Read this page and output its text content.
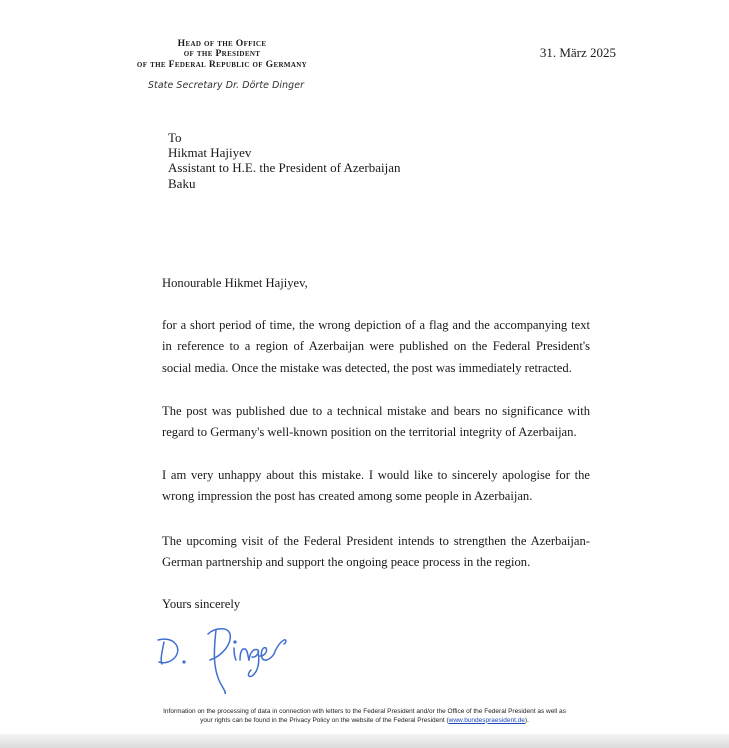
Head of the Office
of the President
of the Federal Republic of Germany
State Secretary Dr. Dörte Dinger
31. März 2025
To
Hikmat Hajiyev
Assistant to H.E. the President of Azerbaijan
Baku
Honourable Hikmet Hajiyev,
for a short period of time, the wrong depiction of a flag and the accompanying text in reference to a region of Azerbaijan were published on the Federal President's social media. Once the mistake was detected, the post was immediately retracted.
The post was published due to a technical mistake and bears no significance with regard to Germany's well-known position on the territorial integrity of Azerbaijan.
I am very unhappy about this mistake. I would like to sincerely apologise for the wrong impression the post has created among some people in Azerbaijan.
The upcoming visit of the Federal President intends to strengthen the Azerbaijan-German partnership and support the ongoing peace process in the region.
Yours sincerely
Information on the processing of data in connection with letters to the Federal President and/or the Office of the Federal President as well as
your rights can be found in the Privacy Policy on the website of the Federal President (www.bundespraesident.de).
